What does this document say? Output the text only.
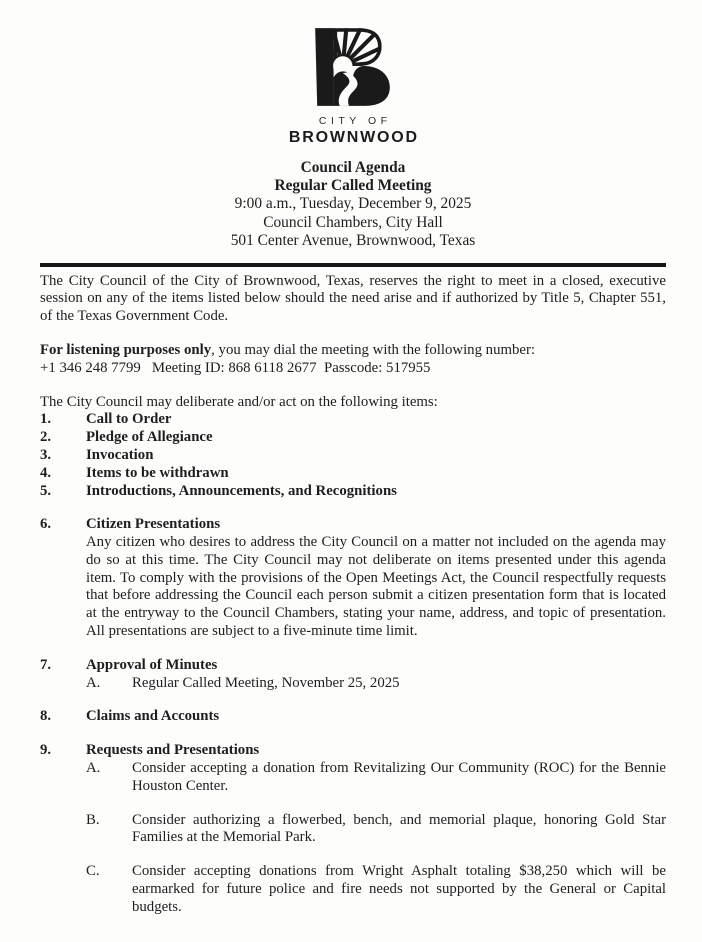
CITY OF
BROWNWOOD
Council Agenda
Regular Called Meeting
9:00 a.m., Tuesday, December 9, 2025
Council Chambers, City Hall
501 Center Avenue, Brownwood, Texas

The City Council of the City of Brownwood, Texas, reserves the right to meet in a closed, executive session on any of the items listed below should the need arise and if authorized by Title 5, Chapter 551, of the Texas Government Code.

For listening purposes only, you may dial the meeting with the following number:
+1 346 248 7799   Meeting ID: 868 6118 2677  Passcode: 517955

The City Council may deliberate and/or act on the following items:

1.	Call to Order
2.	Pledge of Allegiance
3.	Invocation
4.	Items to be withdrawn
5.	Introductions, Announcements, and Recognitions
6.	Citizen Presentations
Any citizen who desires to address the City Council on a matter not included on the agenda may do so at this time. The City Council may not deliberate on items presented under this agenda item. To comply with the provisions of the Open Meetings Act, the Council respectfully requests that before addressing the Council each person submit a citizen presentation form that is located at the entryway to the Council Chambers, stating your name, address, and topic of presentation. All presentations are subject to a five-minute time limit.
7.	Approval of Minutes
A.	Regular Called Meeting, November 25, 2025
8.	Claims and Accounts
9.	Requests and Presentations
A.	Consider accepting a donation from Revitalizing Our Community (ROC) for the Bennie Houston Center.
B.	Consider authorizing a flowerbed, bench, and memorial plaque, honoring Gold Star Families at the Memorial Park.
C.	Consider accepting donations from Wright Asphalt totaling $38,250 which will be earmarked for future police and fire needs not supported by the General or Capital budgets.
